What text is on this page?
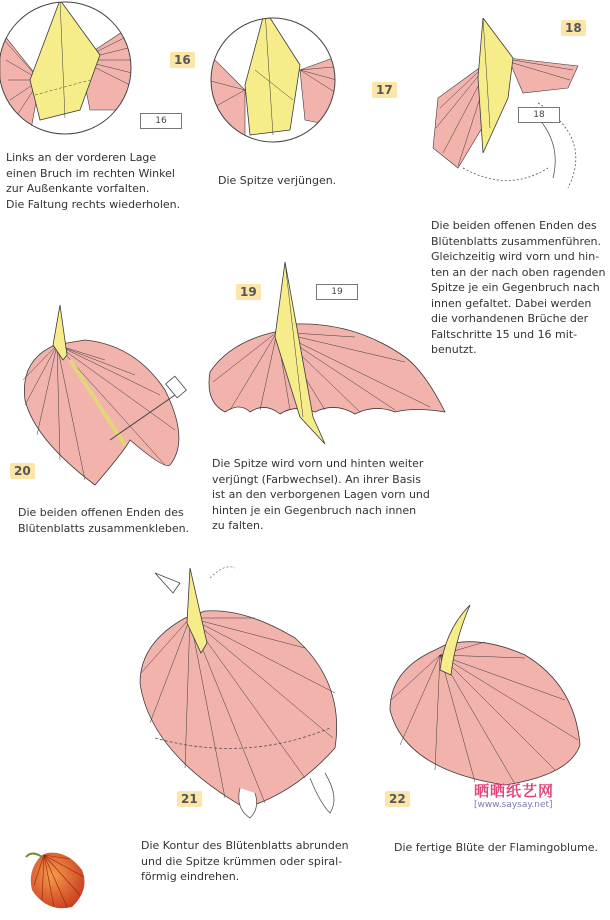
16
16
Links an der vorderen Lage
einen Bruch im rechten Winkel
zur Außenkante vorfalten.
Die Faltung rechts wiederholen.
17
Die Spitze verjüngen.
18
18
Die beiden offenen Enden des
Blütenblatts zusammenführen.
Gleichzeitig wird vorn und hin-
ten an der nach oben ragenden
Spitze je ein Gegenbruch nach
innen gefaltet. Dabei werden
die vorhandenen Brüche der
Faltschritte 15 und 16 mit-
benutzt.
20
Die beiden offenen Enden des
Blütenblatts zusammenkleben.
19	19
Die Spitze wird vorn und hinten weiter
verjüngt (Farbwechsel). An ihrer Basis
ist an den verborgenen Lagen vorn und
hinten je ein Gegenbruch nach innen
zu falten.
21
Die Kontur des Blütenblatts abrunden
und die Spitze krümmen oder spiral-
förmig eindrehen.
22
Die fertige Blüte der Flamingoblume.
晒晒纸艺网
[www.saysay.net]
